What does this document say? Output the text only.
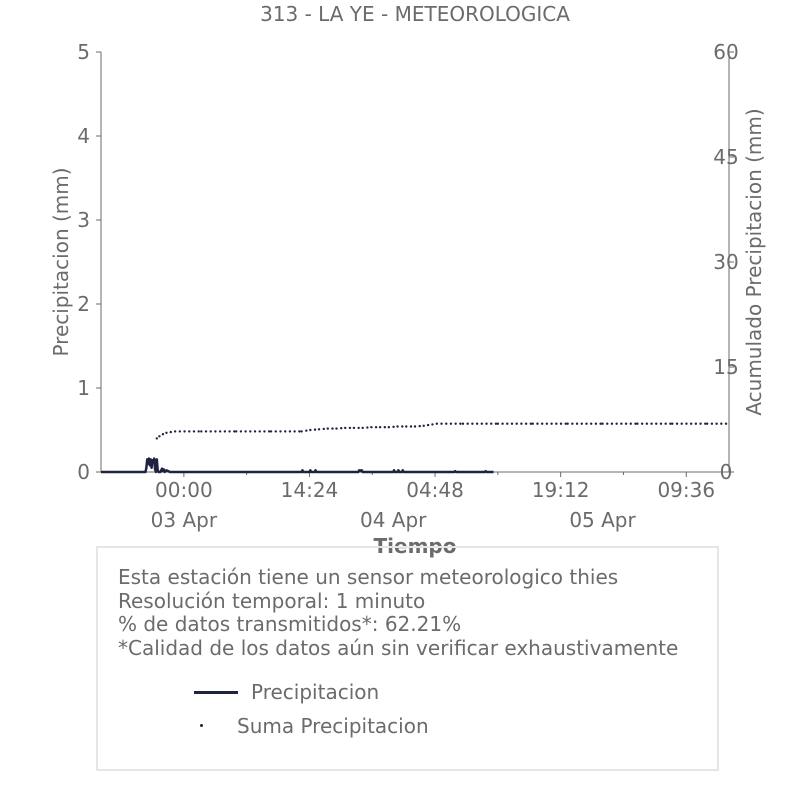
313 - LA YE - METEOROLOGICA
0
1
2
3
4
5
0
15
30
45
60
00:00	14:24	04:48	19:12	09:36
03 Apr	04 Apr	05 Apr
Precipitacion (mm)	Acumulado Precipitacion (mm)
Tiempo
Esta estación tiene un sensor meteorologico thies
Resolución temporal: 1 minuto
% de datos transmitidos*: 62.21%
*Calidad de los datos aún sin verificar exhaustivamente
Precipitacion
Suma Precipitacion
